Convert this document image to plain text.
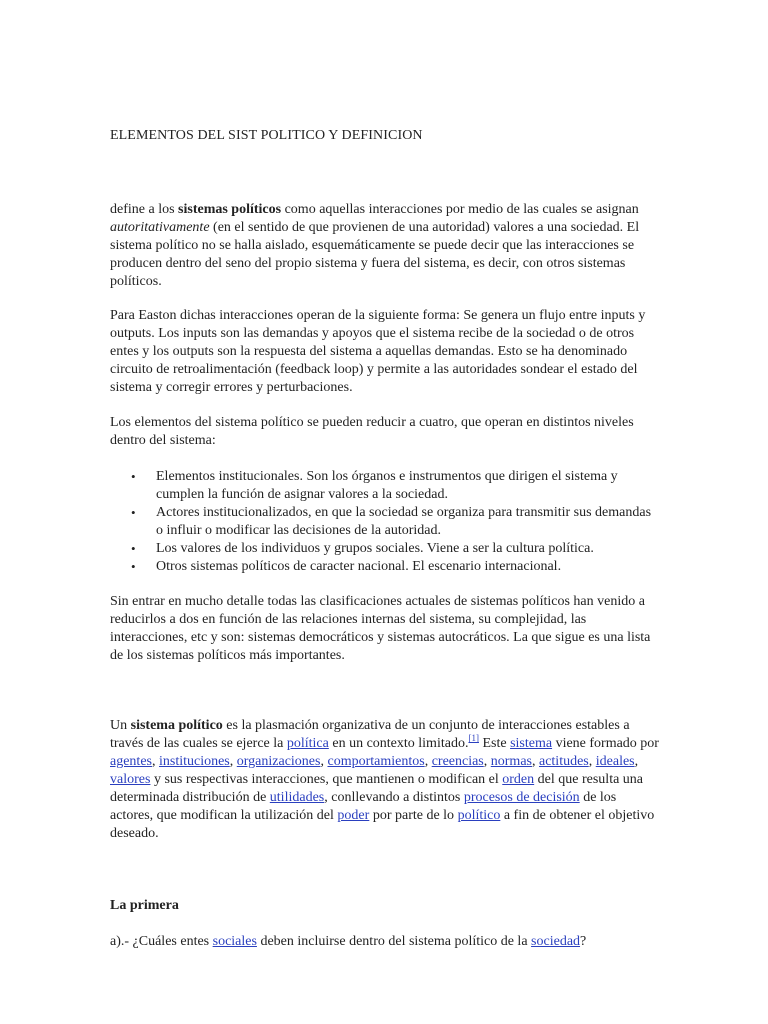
ELEMENTOS DEL SIST POLITICO Y DEFINICION

define a los sistemas políticos como aquellas interacciones por medio de las cuales se asignan autoritativamente (en el sentido de que provienen de una autoridad) valores a una sociedad. El sistema político no se halla aislado, esquemáticamente se puede decir que las interacciones se producen dentro del seno del propio sistema y fuera del sistema, es decir, con otros sistemas políticos.

Para Easton dichas interacciones operan de la siguiente forma: Se genera un flujo entre inputs y outputs. Los inputs son las demandas y apoyos que el sistema recibe de la sociedad o de otros entes y los outputs son la respuesta del sistema a aquellas demandas. Esto se ha denominado circuito de retroalimentación (feedback loop) y permite a las autoridades sondear el estado del sistema y corregir errores y perturbaciones.

Los elementos del sistema político se pueden reducir a cuatro, que operan en distintos niveles dentro del sistema:

• Elementos institucionales. Son los órganos e instrumentos que dirigen el sistema y cumplen la función de asignar valores a la sociedad.
• Actores institucionalizados, en que la sociedad se organiza para transmitir sus demandas o influir o modificar las decisiones de la autoridad.
• Los valores de los individuos y grupos sociales. Viene a ser la cultura política.
• Otros sistemas políticos de caracter nacional. El escenario internacional.

Sin entrar en mucho detalle todas las clasificaciones actuales de sistemas políticos han venido a reducirlos a dos en función de las relaciones internas del sistema, su complejidad, las interacciones, etc y son: sistemas democráticos y sistemas autocráticos. La que sigue es una lista de los sistemas políticos más importantes.

Un sistema político es la plasmación organizativa de un conjunto de interacciones estables a través de las cuales se ejerce la política en un contexto limitado.[1] Este sistema viene formado por agentes, instituciones, organizaciones, comportamientos, creencias, normas, actitudes, ideales, valores y sus respectivas interacciones, que mantienen o modifican el orden del que resulta una determinada distribución de utilidades, conllevando a distintos procesos de decisión de los actores, que modifican la utilización del poder por parte de lo político a fin de obtener el objetivo deseado.

La primera

a).- ¿Cuáles entes sociales deben incluirse dentro del sistema político de la sociedad?
